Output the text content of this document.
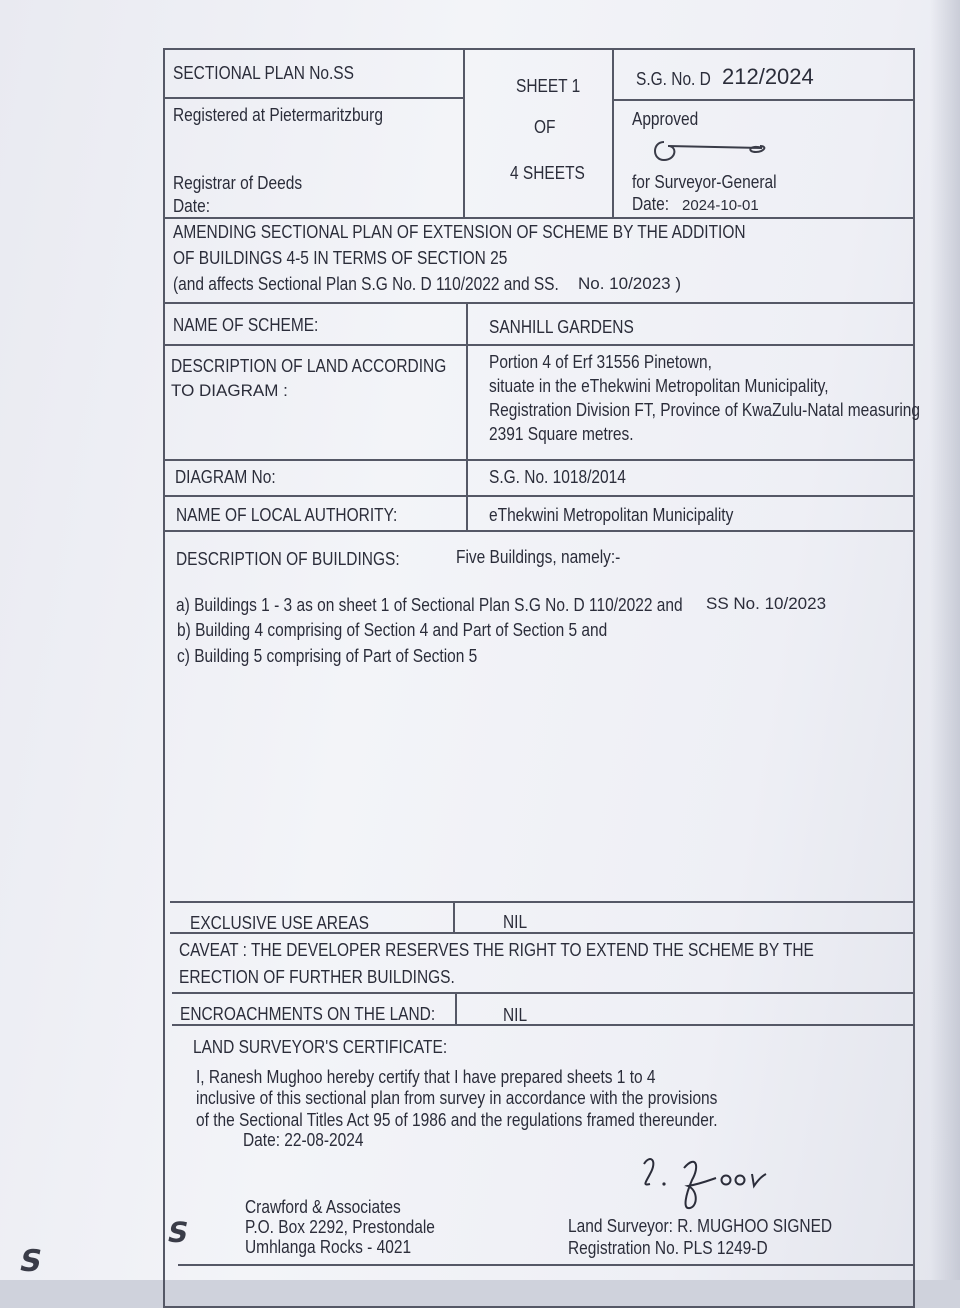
SECTIONAL PLAN No.SS
Registered at Pietermaritzburg
Registrar of Deeds
Date:
SHEET 1
OF
4 SHEETS
S.G. No. D 212/2024
Approved
for Surveyor-General
Date: 2024-10-01
AMENDING SECTIONAL PLAN OF EXTENSION OF SCHEME BY THE ADDITION
OF BUILDINGS 4-5 IN TERMS OF SECTION 25
(and affects Sectional Plan S.G No. D 110/2022 and SS. No. 10/2023 )
NAME OF SCHEME:	SANHILL GARDENS
DESCRIPTION OF LAND ACCORDING
TO DIAGRAM :
Portion 4 of Erf 31556 Pinetown,
situate in the eThekwini Metropolitan Municipality,
Registration Division FT, Province of KwaZulu-Natal measuring
2391 Square metres.
DIAGRAM No:	S.G. No. 1018/2014
NAME OF LOCAL AUTHORITY:	eThekwini Metropolitan Municipality
DESCRIPTION OF BUILDINGS:	Five Buildings, namely:-
a) Buildings 1 - 3 as on sheet 1 of Sectional Plan S.G No. D 110/2022 and SS No. 10/2023
b) Building 4 comprising of Section 4 and Part of Section 5 and
c) Building 5 comprising of Part of Section 5
EXCLUSIVE USE AREAS	NIL
CAVEAT : THE DEVELOPER RESERVES THE RIGHT TO EXTEND THE SCHEME BY THE
ERECTION OF FURTHER BUILDINGS.
ENCROACHMENTS ON THE LAND:	NIL
LAND SURVEYOR'S CERTIFICATE:
I, Ranesh Mughoo hereby certify that I have prepared sheets 1 to 4
inclusive of this sectional plan from survey in accordance with the provisions
of the Sectional Titles Act 95 of 1986 and the regulations framed thereunder.
Date: 22-08-2024
Crawford & Associates
P.O. Box 2292, Prestondale
Umhlanga Rocks - 4021
Land Surveyor: R. MUGHOO SIGNED
Registration No. PLS 1249-D
S
S
